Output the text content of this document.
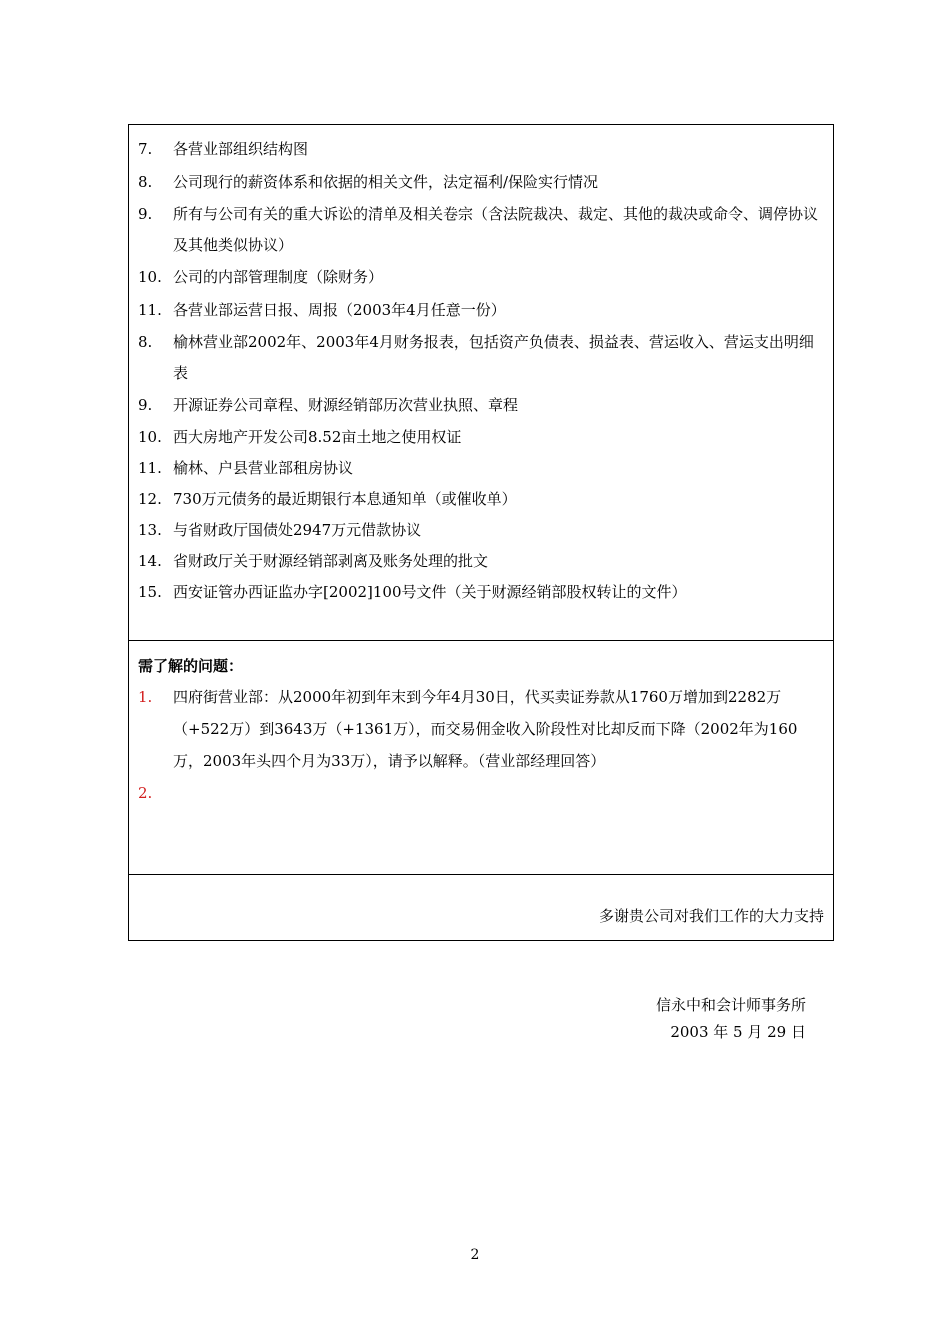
7.	各营业部组织结构图
8.	公司现行的薪资体系和依据的相关文件，法定福利/保险实行情况
9.	所有与公司有关的重大诉讼的清单及相关卷宗（含法院裁决、裁定、其他的裁决或命令、调停协议及其他类似协议）
10. 公司的内部管理制度（除财务）
11. 各营业部运营日报、周报（2003年4月任意一份）
8.	榆林营业部2002年、2003年4月财务报表，包括资产负债表、损益表、营运收入、营运支出明细表
9.	开源证券公司章程、财源经销部历次营业执照、章程
10. 西大房地产开发公司8.52亩土地之使用权证
11. 榆林、户县营业部租房协议
12. 730万元债务的最近期银行本息通知单（或催收单）
13. 与省财政厅国债处2947万元借款协议
14. 省财政厅关于财源经销部剥离及账务处理的批文
15. 西安证管办西证监办字[2002]100号文件（关于财源经销部股权转让的文件）
需了解的问题：
1.	四府街营业部：从2000年初到年末到今年4月30日，代买卖证券款从1760万增加到2282万（+522万）到3643万（+1361万），而交易佣金收入阶段性对比却反而下降（2002年为160万，2003年头四个月为33万），请予以解释。（营业部经理回答）
2.
多谢贵公司对我们工作的大力支持
信永中和会计师事务所
2003 年 5 月 29 日
2
